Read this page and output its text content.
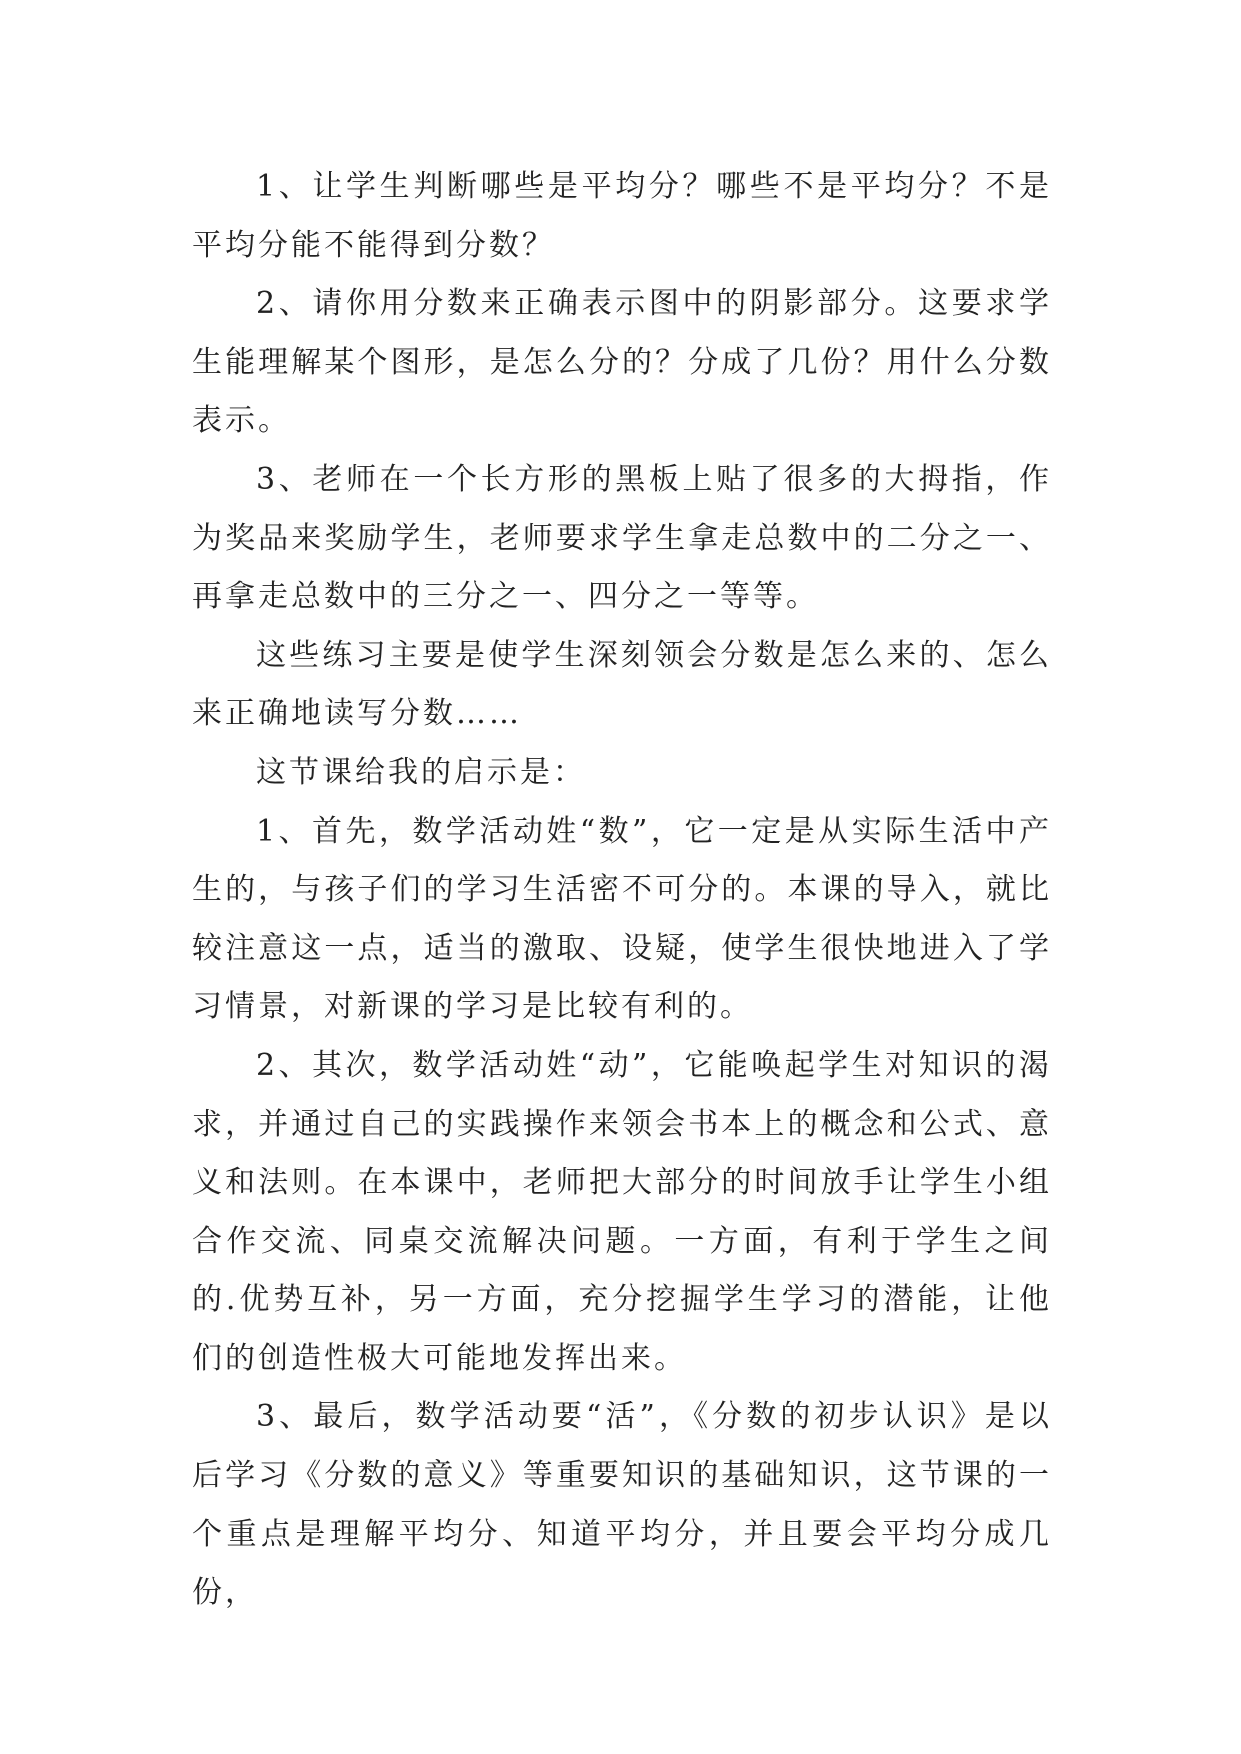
1、让学生判断哪些是平均分？哪些不是平均分？不是平均分能不能得到分数？

2、请你用分数来正确表示图中的阴影部分。这要求学生能理解某个图形，是怎么分的？分成了几份？用什么分数表示。

3、老师在一个长方形的黑板上贴了很多的大拇指，作为奖品来奖励学生，老师要求学生拿走总数中的二分之一、再拿走总数中的三分之一、四分之一等等。

这些练习主要是使学生深刻领会分数是怎么来的、怎么来正确地读写分数……

这节课给我的启示是：

1、首先，数学活动姓“数”，它一定是从实际生活中产生的，与孩子们的学习生活密不可分的。本课的导入，就比较注意这一点，适当的激取、设疑，使学生很快地进入了学习情景，对新课的学习是比较有利的。

2、其次，数学活动姓“动”，它能唤起学生对知识的渴求，并通过自己的实践操作来领会书本上的概念和公式、意义和法则。在本课中，老师把大部分的时间放手让学生小组合作交流、同桌交流解决问题。一方面，有利于学生之间的.优势互补，另一方面，充分挖掘学生学习的潜能，让他们的创造性极大可能地发挥出来。

3、最后，数学活动要“活”，《分数的初步认识》是以后学习《分数的意义》等重要知识的基础知识，这节课的一个重点是理解平均分、知道平均分，并且要会平均分成几份，
